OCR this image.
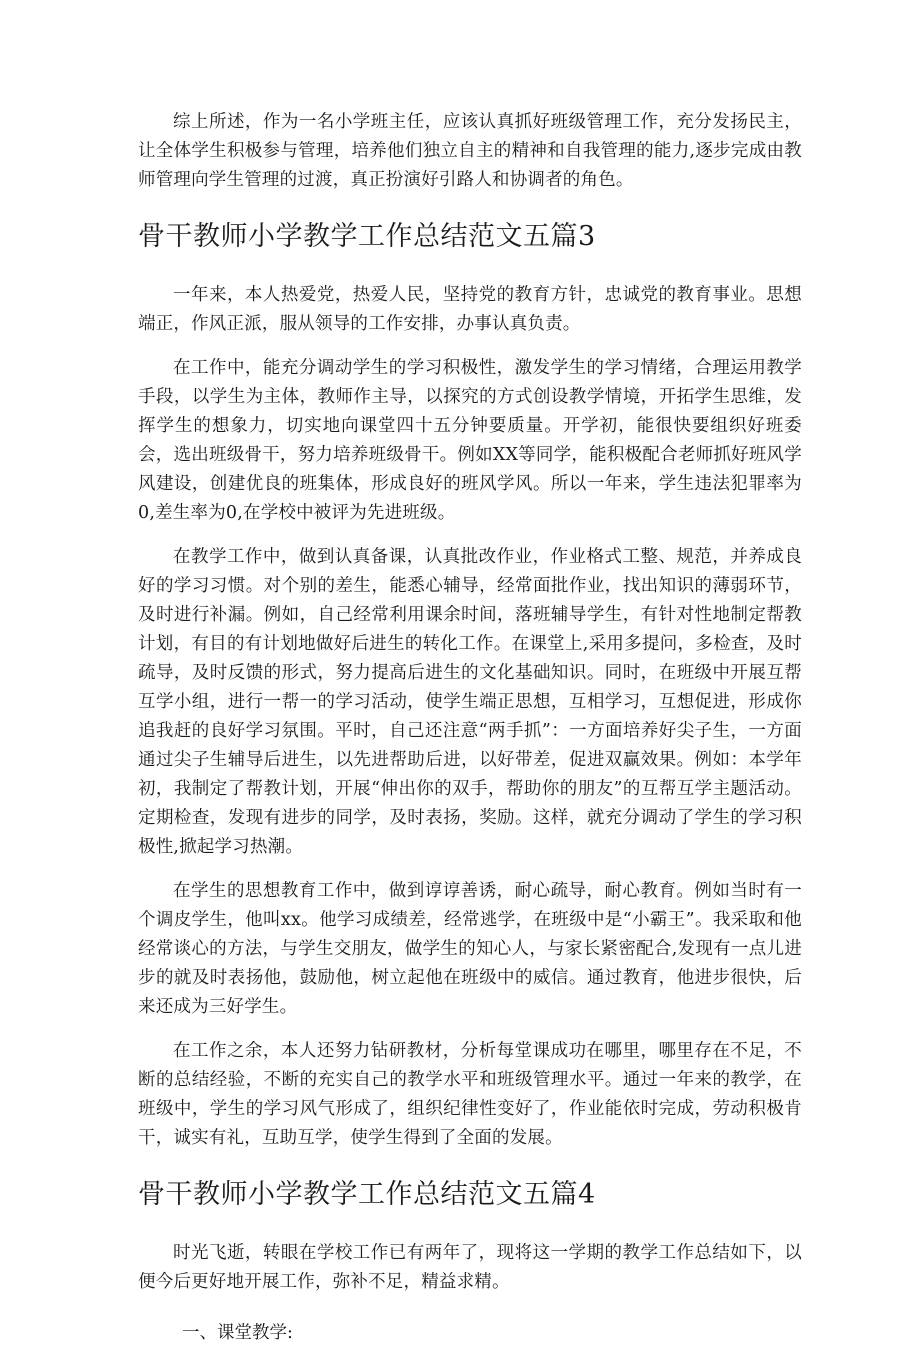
综上所述，作为一名小学班主任，应该认真抓好班级管理工作，充分发扬民主，让全体学生积极参与管理，培养他们独立自主的精神和自我管理的能力,逐步完成由教师管理向学生管理的过渡，真正扮演好引路人和协调者的角色。

骨干教师小学教学工作总结范文五篇3

一年来，本人热爱党，热爱人民，坚持党的教育方针，忠诚党的教育事业。思想端正，作风正派，服从领导的工作安排，办事认真负责。

在工作中，能充分调动学生的学习积极性，激发学生的学习情绪，合理运用教学手段，以学生为主体，教师作主导，以探究的方式创设教学情境，开拓学生思维，发挥学生的想象力，切实地向课堂四十五分钟要质量。开学初，能很快要组织好班委会，选出班级骨干，努力培养班级骨干。例如XX等同学，能积极配合老师抓好班风学风建设，创建优良的班集体，形成良好的班风学风。所以一年来，学生违法犯罪率为0,差生率为0,在学校中被评为先进班级。

在教学工作中，做到认真备课，认真批改作业，作业格式工整、规范，并养成良好的学习习惯。对个别的差生，能悉心辅导，经常面批作业，找出知识的薄弱环节，及时进行补漏。例如，自己经常利用课余时间，落班辅导学生，有针对性地制定帮教计划，有目的有计划地做好后进生的转化工作。在课堂上,采用多提问，多检查，及时疏导，及时反馈的形式，努力提高后进生的文化基础知识。同时，在班级中开展互帮互学小组，进行一帮一的学习活动，使学生端正思想，互相学习，互想促进，形成你追我赶的良好学习氛围。平时，自己还注意“两手抓”：一方面培养好尖子生，一方面通过尖子生辅导后进生，以先进帮助后进，以好带差，促进双赢效果。例如：本学年初，我制定了帮教计划，开展“伸出你的双手，帮助你的朋友”的互帮互学主题活动。定期检查，发现有进步的同学，及时表扬，奖励。这样，就充分调动了学生的学习积极性,掀起学习热潮。

在学生的思想教育工作中，做到谆谆善诱，耐心疏导，耐心教育。例如当时有一个调皮学生，他叫xx。他学习成绩差，经常逃学，在班级中是“小霸王”。我采取和他经常谈心的方法，与学生交朋友，做学生的知心人，与家长紧密配合,发现有一点儿进步的就及时表扬他，鼓励他，树立起他在班级中的威信。通过教育，他进步很快，后来还成为三好学生。

在工作之余，本人还努力钻研教材，分析每堂课成功在哪里，哪里存在不足，不断的总结经验，不断的充实自己的教学水平和班级管理水平。通过一年来的教学，在班级中，学生的学习风气形成了，组织纪律性变好了，作业能依时完成，劳动积极肯干，诚实有礼，互助互学，使学生得到了全面的发展。

骨干教师小学教学工作总结范文五篇4

时光飞逝，转眼在学校工作已有两年了，现将这一学期的教学工作总结如下，以便今后更好地开展工作，弥补不足，精益求精。

一、课堂教学:
